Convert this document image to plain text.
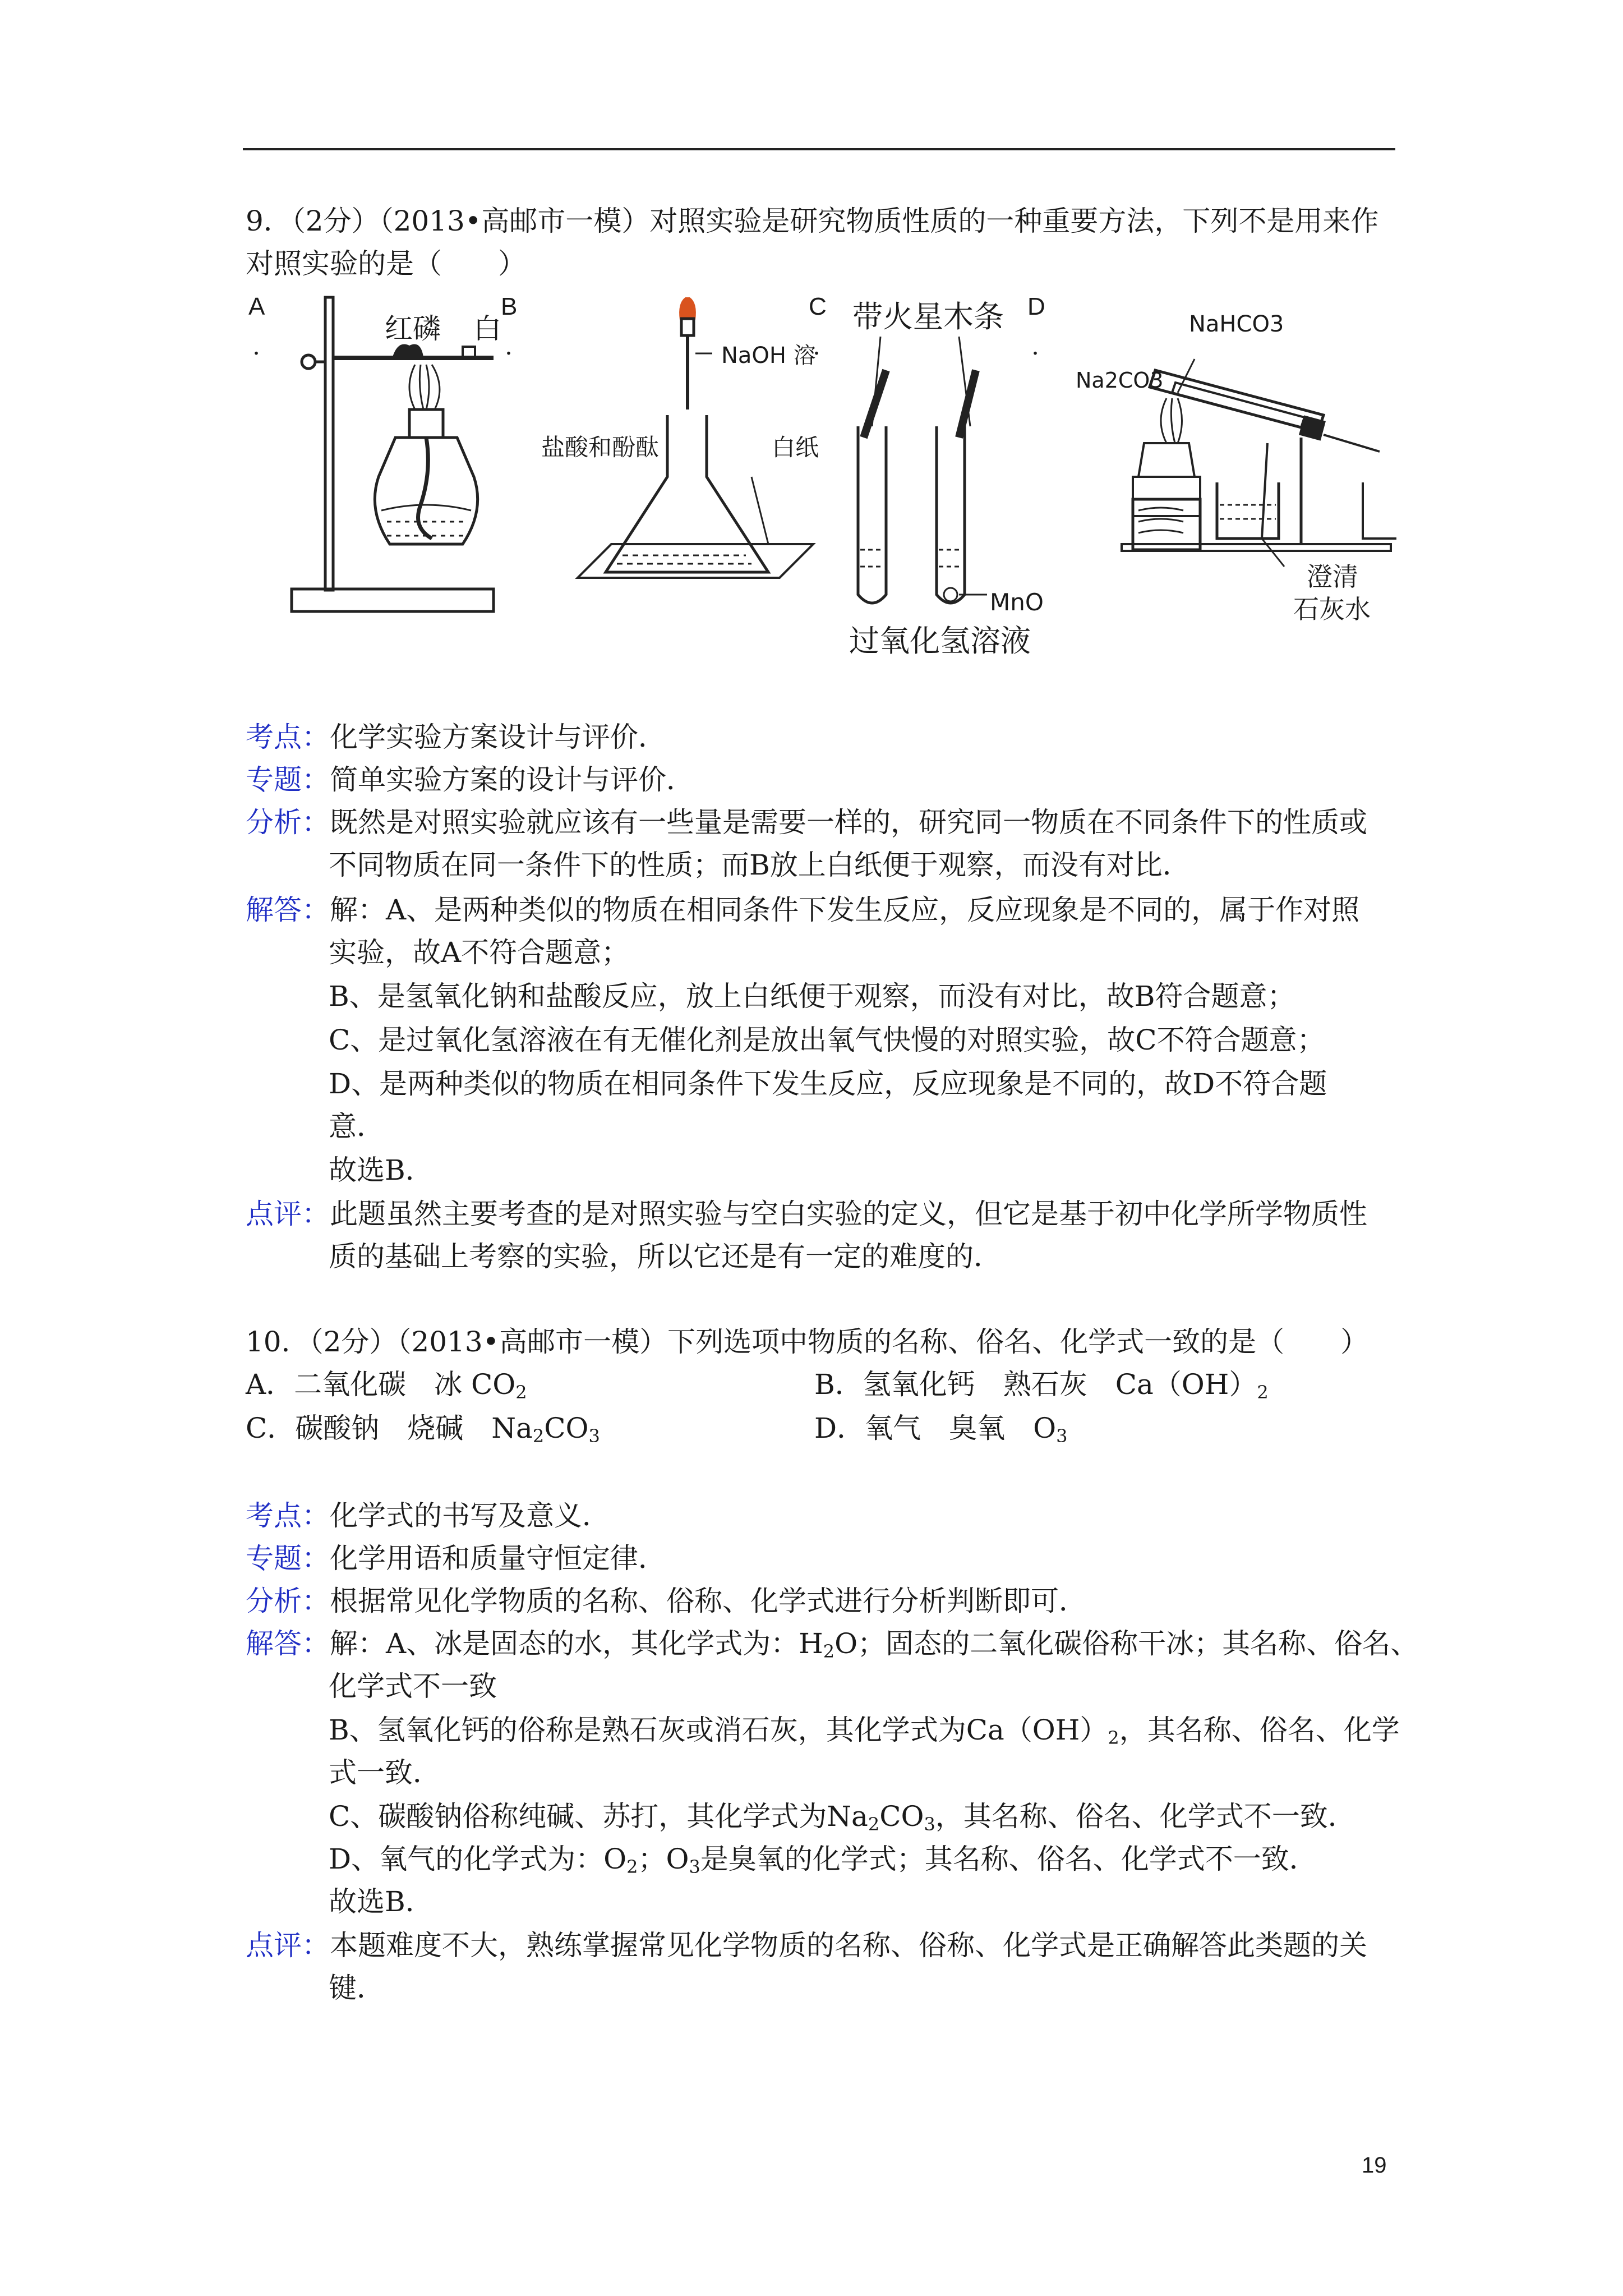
9．（2分）（2013•高邮市一模）对照实验是研究物质性质的一种重要方法，下列不是用来作
对照实验的是（　　）
A
.
B
.
C
.
D
.
红磷 白
NaOH 溶
盐酸和酚酞	白纸
带火星木条
MnO
过氧化氢溶液
NaHCO3
Na2CO3
澄清
石灰水
考点：化学实验方案设计与评价．
专题：简单实验方案的设计与评价．
分析：既然是对照实验就应该有一些量是需要一样的，研究同一物质在不同条件下的性质或
不同物质在同一条件下的性质；而B放上白纸便于观察，而没有对比．
解答：解：A、是两种类似的物质在相同条件下发生反应，反应现象是不同的，属于作对照
实验，故A不符合题意；
B、是氢氧化钠和盐酸反应，放上白纸便于观察，而没有对比，故B符合题意；
C、是过氧化氢溶液在有无催化剂是放出氧气快慢的对照实验，故C不符合题意；
D、是两种类似的物质在相同条件下发生反应，反应现象是不同的，故D不符合题
意．
故选B．
点评：此题虽然主要考查的是对照实验与空白实验的定义，但它是基于初中化学所学物质性
质的基础上考察的实验，所以它还是有一定的难度的．
10．（2分）（2013•高邮市一模）下列选项中物质的名称、俗名、化学式一致的是（　　）
A．二氧化碳　冰 $CO_2$	B．氢氧化钙　熟石灰　$Ca(OH)_2$
C．碳酸钠　烧碱　$Na_2CO_3$	D．氧气　臭氧　$O_3$
考点：化学式的书写及意义．
专题：化学用语和质量守恒定律．
分析：根据常见化学物质的名称、俗称、化学式进行分析判断即可．
解答：解：A、冰是固态的水，其化学式为：$H_2O$；固态的二氧化碳俗称干冰；其名称、俗名、
化学式不一致
B、氢氧化钙的俗称是熟石灰或消石灰，其化学式为$Ca(OH)_2$，其名称、俗名、化学
式一致．
C、碳酸钠俗称纯碱、苏打，其化学式为$Na_2CO_3$，其名称、俗名、化学式不一致．
D、氧气的化学式为：$O_2$；$O_3$是臭氧的化学式；其名称、俗名、化学式不一致．
故选B．
点评：本题难度不大，熟练掌握常见化学物质的名称、俗称、化学式是正确解答此类题的关
键．
19
